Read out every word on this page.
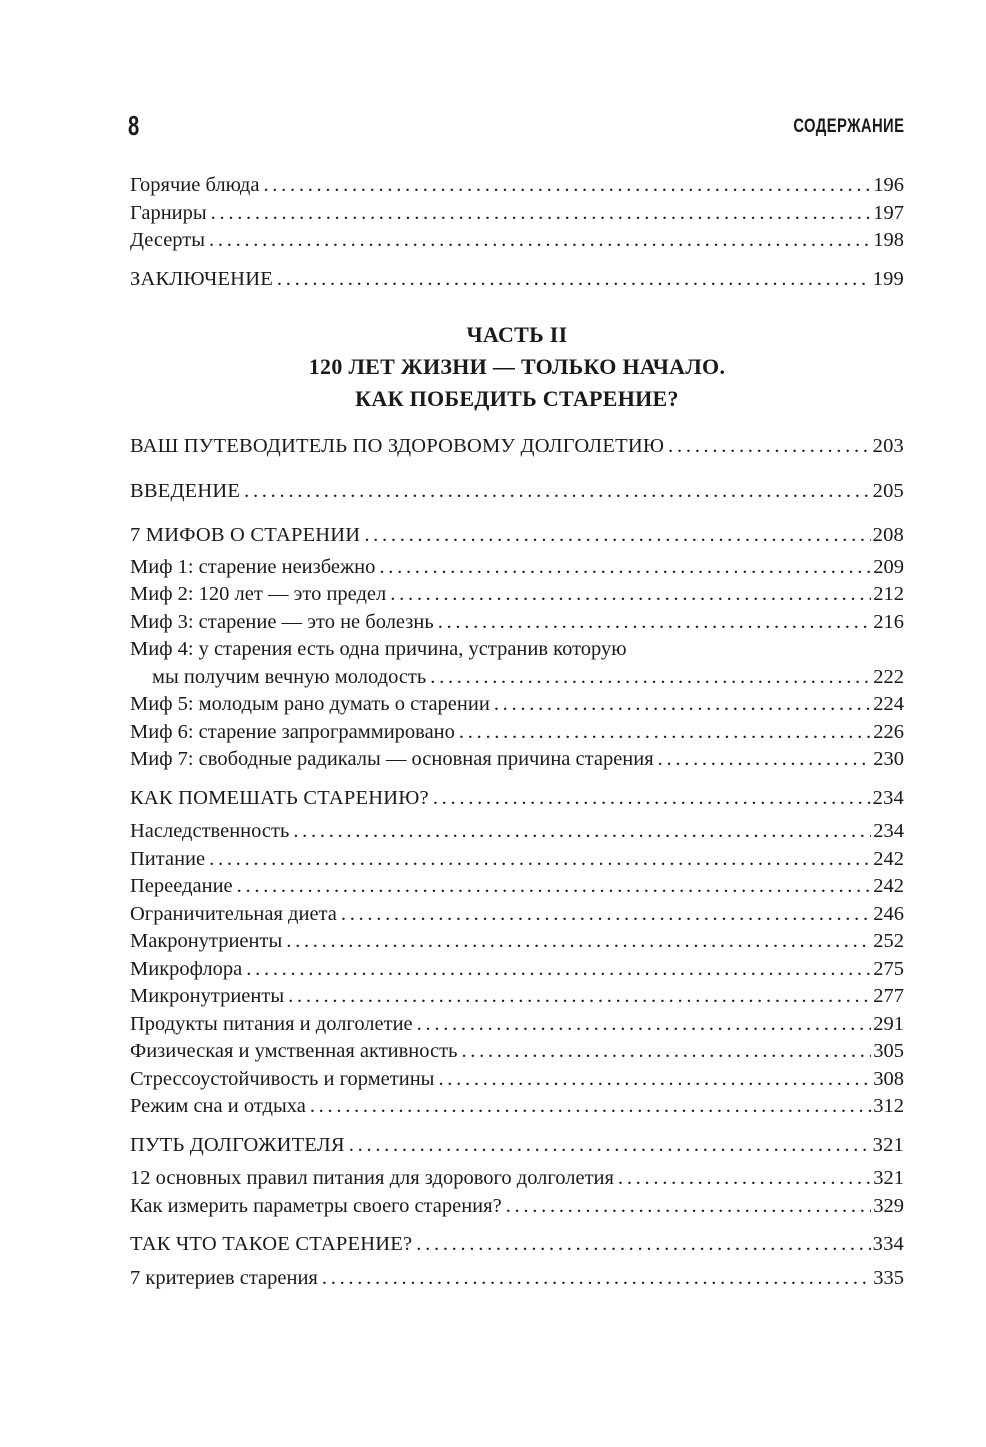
8	СОДЕРЖАНИЕ
Горячие блюда . . .	196
Гарниры . . .	197
Десерты . . .	198
ЗАКЛЮЧЕНИЕ . . .	199
ЧАСТЬ II
120 ЛЕТ ЖИЗНИ — ТОЛЬКО НАЧАЛО.
КАК ПОБЕДИТЬ СТАРЕНИЕ?
ВАШ ПУТЕВОДИТЕЛЬ ПО ЗДОРОВОМУ ДОЛГОЛЕТИЮ . . .	203
ВВЕДЕНИЕ . . .	205
7 МИФОВ О СТАРЕНИИ . . .	208
Миф 1: старение неизбежно . . .	209
Миф 2: 120 лет — это предел . . .	212
Миф 3: старение — это не болезнь . . .	216
Миф 4: у старения есть одна причина, устранив которую
мы получим вечную молодость . . .	222
Миф 5: молодым рано думать о старении . . .	224
Миф 6: старение запрограммировано . . .	226
Миф 7: свободные радикалы — основная причина старения . . .	230
КАК ПОМЕШАТЬ СТАРЕНИЮ? . . .	234
Наследственность . . .	234
Питание . . .	242
Переедание . . .	242
Ограничительная диета . . .	246
Макронутриенты . . .	252
Микрофлора . . .	275
Микронутриенты . . .	277
Продукты питания и долголетие . . .	291
Физическая и умственная активность . . .	305
Стрессоустойчивость и горметины . . .	308
Режим сна и отдыха . . .	312
ПУТЬ ДОЛГОЖИТЕЛЯ . . .	321
12 основных правил питания для здорового долголетия . . .	321
Как измерить параметры своего старения? . . .	329
ТАК ЧТО ТАКОЕ СТАРЕНИЕ? . . .	334
7 критериев старения . . .	335
